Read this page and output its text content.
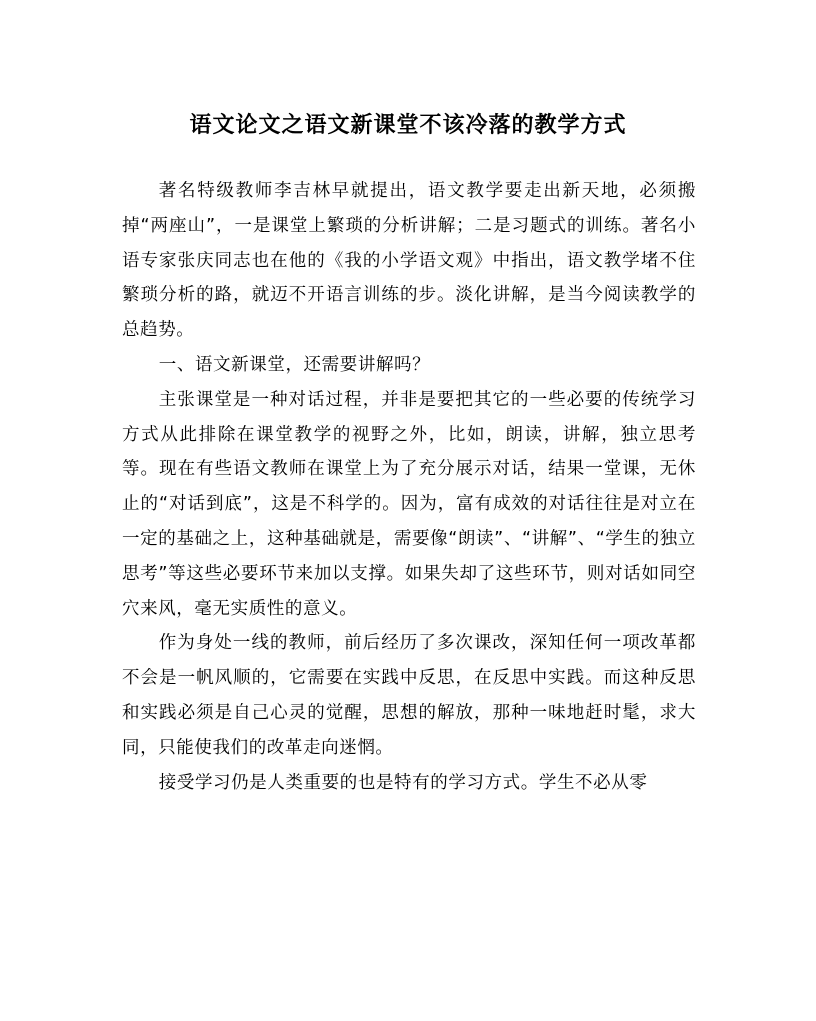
语文论文之语文新课堂不该冷落的教学方式

著名特级教师李吉林早就提出，语文教学要走出新天地，必须搬掉“两座山”，一是课堂上繁琐的分析讲解；二是习题式的训练。著名小语专家张庆同志也在他的《我的小学语文观》中指出，语文教学堵不住繁琐分析的路，就迈不开语言训练的步。淡化讲解，是当今阅读教学的总趋势。

一、语文新课堂，还需要讲解吗？

主张课堂是一种对话过程，并非是要把其它的一些必要的传统学习方式从此排除在课堂教学的视野之外，比如，朗读，讲解，独立思考等。现在有些语文教师在课堂上为了充分展示对话，结果一堂课，无休止的“对话到底”，这是不科学的。因为，富有成效的对话往往是对立在一定的基础之上，这种基础就是，需要像“朗读”、“讲解”、“学生的独立思考”等这些必要环节来加以支撑。如果失却了这些环节，则对话如同空穴来风，毫无实质性的意义。

作为身处一线的教师，前后经历了多次课改，深知任何一项改革都不会是一帆风顺的，它需要在实践中反思，在反思中实践。而这种反思和实践必须是自己心灵的觉醒，思想的解放，那种一味地赶时髦，求大同，只能使我们的改革走向迷惘。

接受学习仍是人类重要的也是特有的学习方式。学生不必从零
